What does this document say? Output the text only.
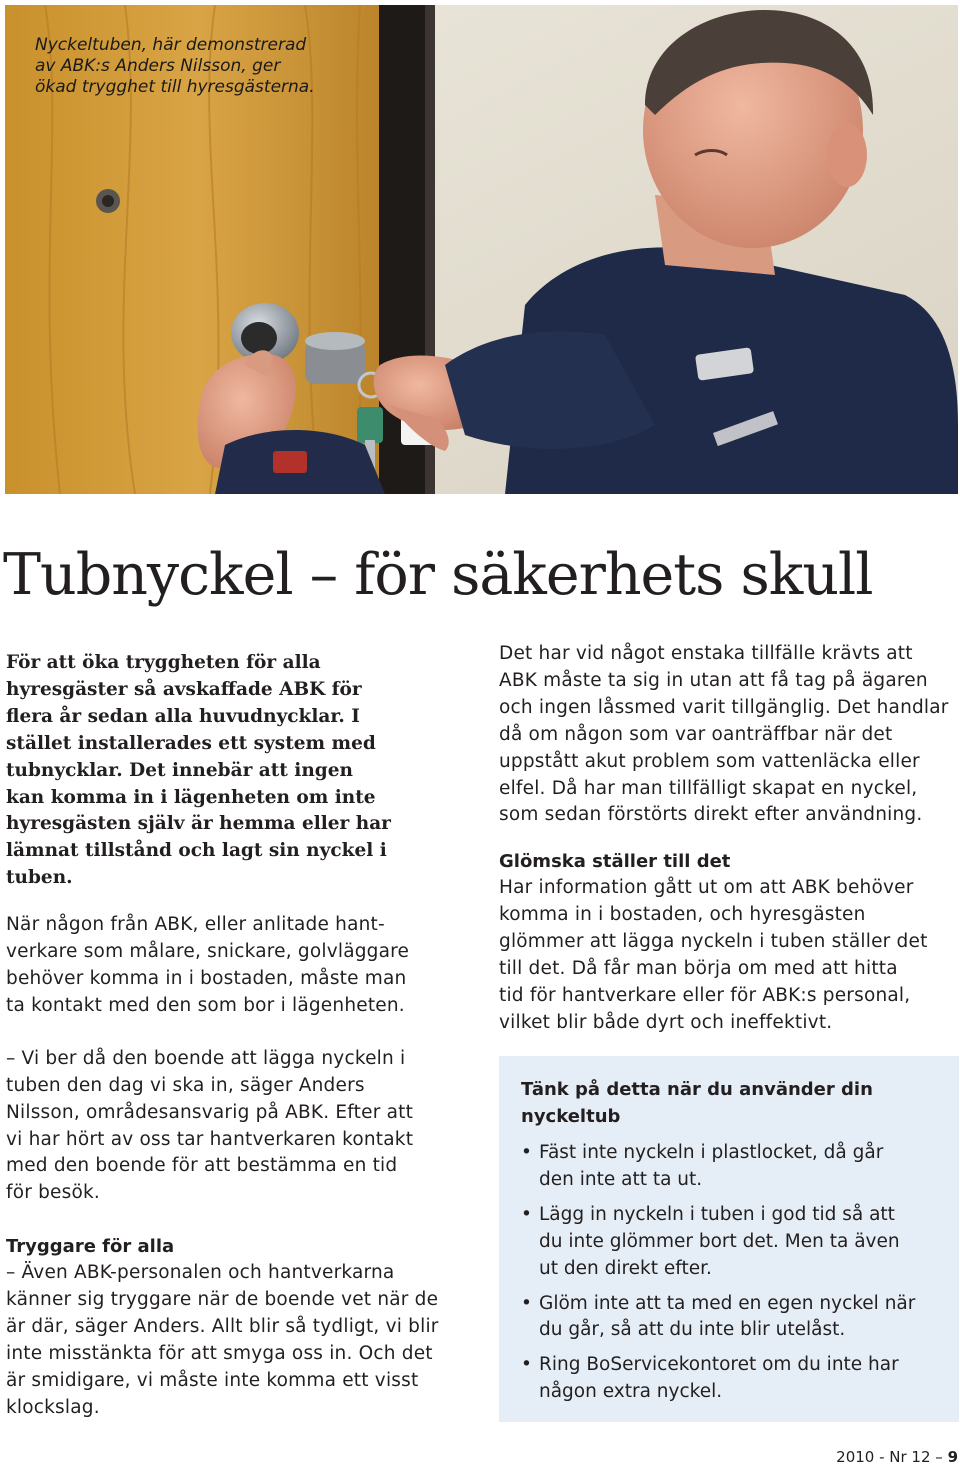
Nyckeltuben, här demonstrerad
av ABK:s Anders Nilsson, ger
ökad trygghet till hyresgästerna.

Tubnyckel – för säkerhets skull

För att öka tryggheten för alla
hyresgäster så avskaffade ABK för
flera år sedan alla huvudnycklar. I
stället installerades ett system med
tubnycklar. Det innebär att ingen
kan komma in i lägenheten om inte
hyresgästen själv är hemma eller har
lämnat tillstånd och lagt sin nyckel i
tuben.

När någon från ABK, eller anlitade hant-
verkare som målare, snickare, golvläggare
behöver komma in i bostaden, måste man
ta kontakt med den som bor i lägenheten.

– Vi ber då den boende att lägga nyckeln i
tuben den dag vi ska in, säger Anders
Nilsson, områdesansvarig på ABK. Efter att
vi har hört av oss tar hantverkaren kontakt
med den boende för att bestämma en tid
för besök.

Tryggare för alla

– Även ABK-personalen och hantverkarna
känner sig tryggare när de boende vet när de
är där, säger Anders. Allt blir så tydligt, vi blir
inte misstänkta för att smyga oss in. Och det
är smidigare, vi måste inte komma ett visst
klockslag.

Det har vid något enstaka tillfälle krävts att
ABK måste ta sig in utan att få tag på ägaren
och ingen låssmed varit tillgänglig. Det handlar
då om någon som var oanträffbar när det
uppstått akut problem som vattenläcka eller
elfel. Då har man tillfälligt skapat en nyckel,
som sedan förstörts direkt efter användning.

Glömska ställer till det

Har information gått ut om att ABK behöver
komma in i bostaden, och hyresgästen
glömmer att lägga nyckeln i tuben ställer det
till det. Då får man börja om med att hitta
tid för hantverkare eller för ABK:s personal,
vilket blir både dyrt och ineffektivt.

Tänk på detta när du använder din
nyckeltub
• Fäst inte nyckeln i plastlocket, då går
den inte att ta ut.
• Lägg in nyckeln i tuben i god tid så att
du inte glömmer bort det. Men ta även
ut den direkt efter.
• Glöm inte att ta med en egen nyckel när
du går, så att du inte blir utelåst.
• Ring BoServicekontoret om du inte har
någon extra nyckel.

2010 - Nr 12 – 9
